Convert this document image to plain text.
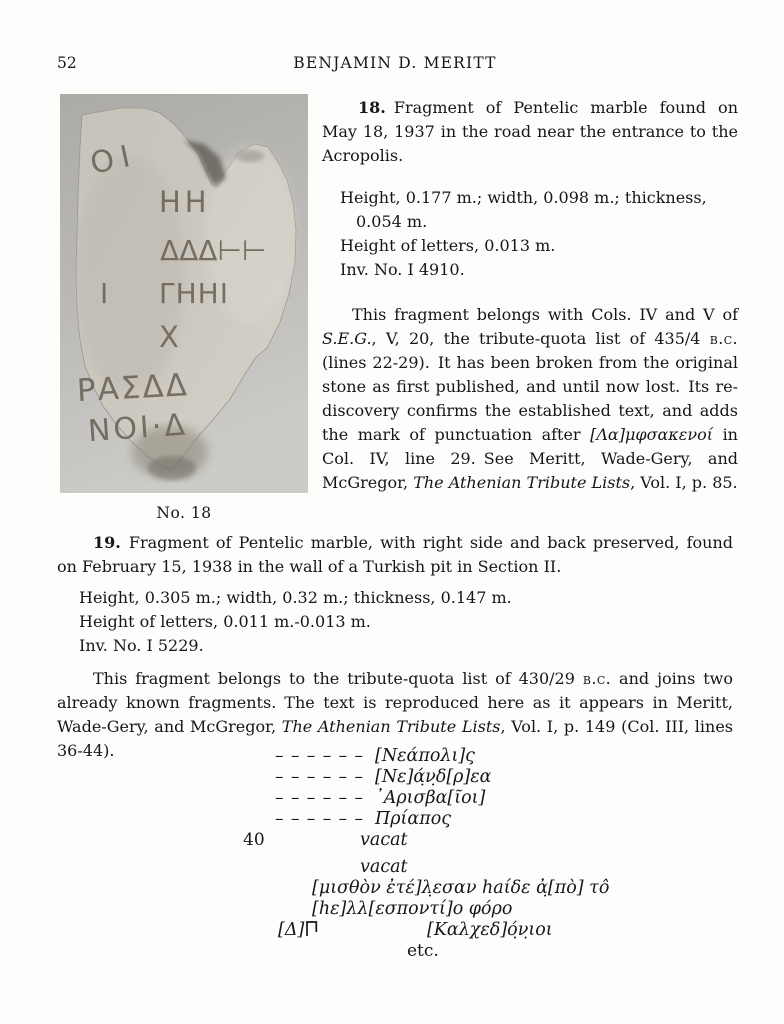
52	BENJAMIN D. MERITT
ΟΙ
ΗΗ
ΔΔΔ⊢⊢
Ι ΓΗΗΙ
Χ
ΡΑΣΔΔ
ΝΟΙ·Δ
No. 18

18. Fragment of Pentelic marble found on May 18, 1937 in the road near the entrance to the Acropolis.

Height, 0.177 m.; width, 0.098 m.; thickness, 0.054 m.

Height of letters, 0.013 m.

Inv. No. I 4910.

This fragment belongs with Cols. IV and V of S.E.G., V, 20, the tribute-quota list of 435/4 b.c. (lines 22-29). It has been broken from the original stone as first published, and until now lost. Its re-discovery confirms the established text, and adds the mark of punctuation after [Λα]μφσακενοί in Col. IV, line 29. See Meritt, Wade-Gery, and McGregor, The Athenian Tribute Lists, Vol. I, p. 85.

19. Fragment of Pentelic marble, with right side and back preserved, found on February 15, 1938 in the wall of a Turkish pit in Section II.

Height, 0.305 m.; width, 0.32 m.; thickness, 0.147 m.

Height of letters, 0.011 m.-0.013 m.

Inv. No. I 5229.

This fragment belongs to the tribute-quota list of 430/29 b.c. and joins two already known fragments. The text is reproduced here as it appears in Meritt, Wade-Gery, and McGregor, The Athenian Tribute Lists, Vol. I, p. 149 (Col. III, lines 36-44).	– – – – – – [Νεάπολι]ς
– – – – – – [Νε]ά̣ν̣δ[ρ]εα
– – – – – – ᾿Αρισβα[ῖοι]
– – – – – – Πρίαπος
40	vacat
vacat
[μισθὸν ἐτέ]λ̣εσαν haίδε ἀ̣[πὸ] τô
[hε]λλ[εσποντί]ο φόρο
[Δ]	[Καλχεδ]ό̣ν̣ιοι
etc.
